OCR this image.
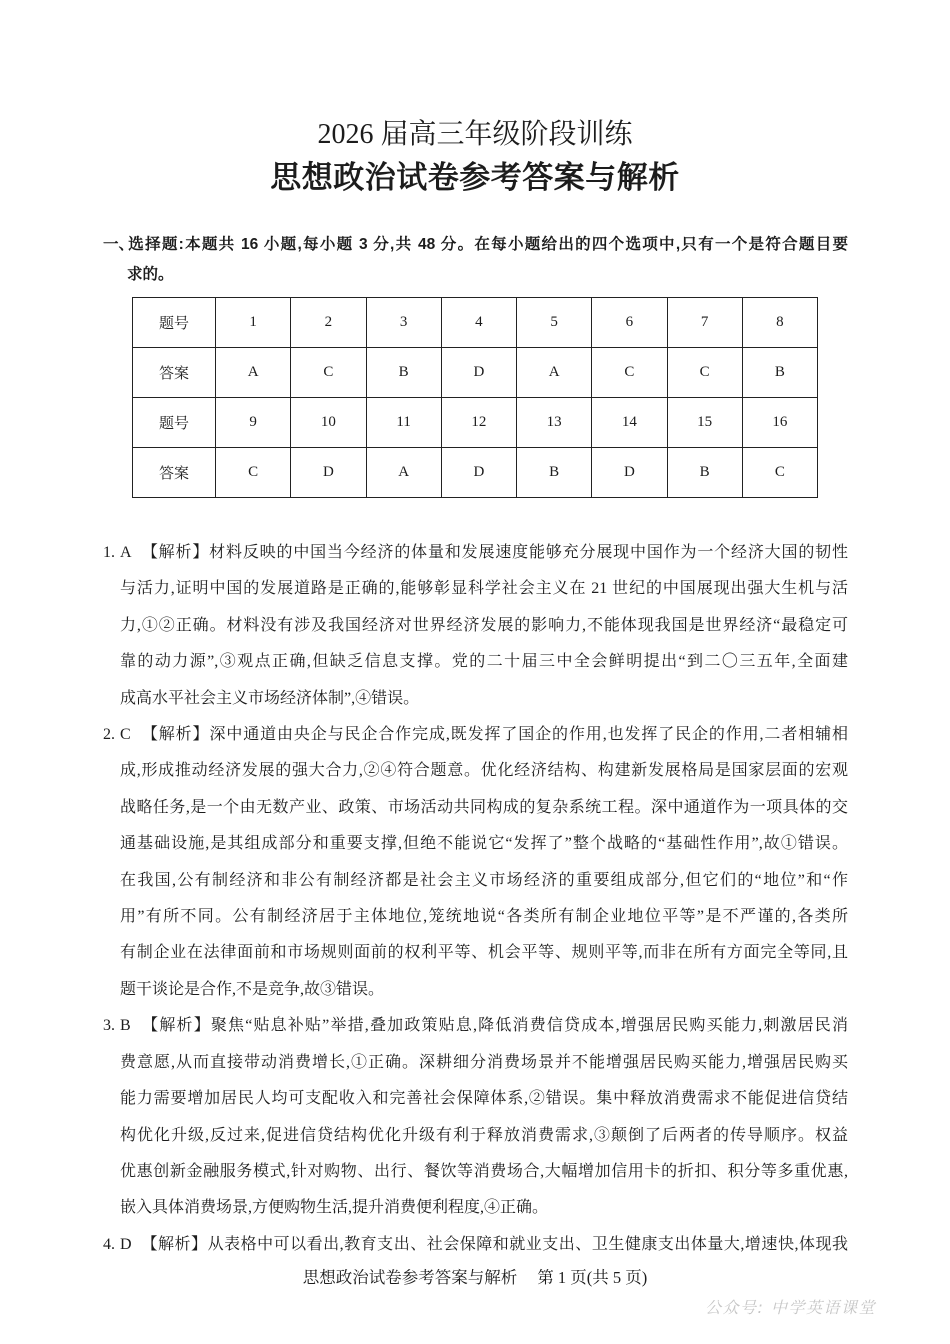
2026 届高三年级阶段训练
思想政治试卷参考答案与解析
一、选择题:本题共 16 小题,每小题 3 分,共 48 分。在每小题给出的四个选项中,只有一个是符合题目要
求的。
题号	1	2	3	4	5	6	7	8
答案	A	C	B	D	A	C	C	B
题号	9	10	11	12	13	14	15	16
答案	C	D	A	D	B	D	B	C
1. A 【解析】材料反映的中国当今经济的体量和发展速度能够充分展现中国作为一个经济大国的韧性
与活力,证明中国的发展道路是正确的,能够彰显科学社会主义在 21 世纪的中国展现出强大生机与活
力,①②正确。材料没有涉及我国经济对世界经济发展的影响力,不能体现我国是世界经济“最稳定可
靠的动力源”,③观点正确,但缺乏信息支撑。党的二十届三中全会鲜明提出“到二〇三五年,全面建
成高水平社会主义市场经济体制”,④错误。
2. C 【解析】深中通道由央企与民企合作完成,既发挥了国企的作用,也发挥了民企的作用,二者相辅相
成,形成推动经济发展的强大合力,②④符合题意。优化经济结构、构建新发展格局是国家层面的宏观
战略任务,是一个由无数产业、政策、市场活动共同构成的复杂系统工程。深中通道作为一项具体的交
通基础设施,是其组成部分和重要支撑,但绝不能说它“发挥了”整个战略的“基础性作用”,故①错误。
在我国,公有制经济和非公有制经济都是社会主义市场经济的重要组成部分,但它们的“地位”和“作
用”有所不同。公有制经济居于主体地位,笼统地说“各类所有制企业地位平等”是不严谨的,各类所
有制企业在法律面前和市场规则面前的权利平等、机会平等、规则平等,而非在所有方面完全等同,且
题干谈论是合作,不是竞争,故③错误。
3. B 【解析】聚焦“贴息补贴”举措,叠加政策贴息,降低消费信贷成本,增强居民购买能力,刺激居民消
费意愿,从而直接带动消费增长,①正确。深耕细分消费场景并不能增强居民购买能力,增强居民购买
能力需要增加居民人均可支配收入和完善社会保障体系,②错误。集中释放消费需求不能促进信贷结
构优化升级,反过来,促进信贷结构优化升级有利于释放消费需求,③颠倒了后两者的传导顺序。权益
优惠创新金融服务模式,针对购物、出行、餐饮等消费场合,大幅增加信用卡的折扣、积分等多重优惠,
嵌入具体消费场景,方便购物生活,提升消费便利程度,④正确。
4. D 【解析】从表格中可以看出,教育支出、社会保障和就业支出、卫生健康支出体量大,增速快,体现我
思想政治试卷参考答案与解析 第 1 页(共 5 页)
公众号: 中学英语课堂
